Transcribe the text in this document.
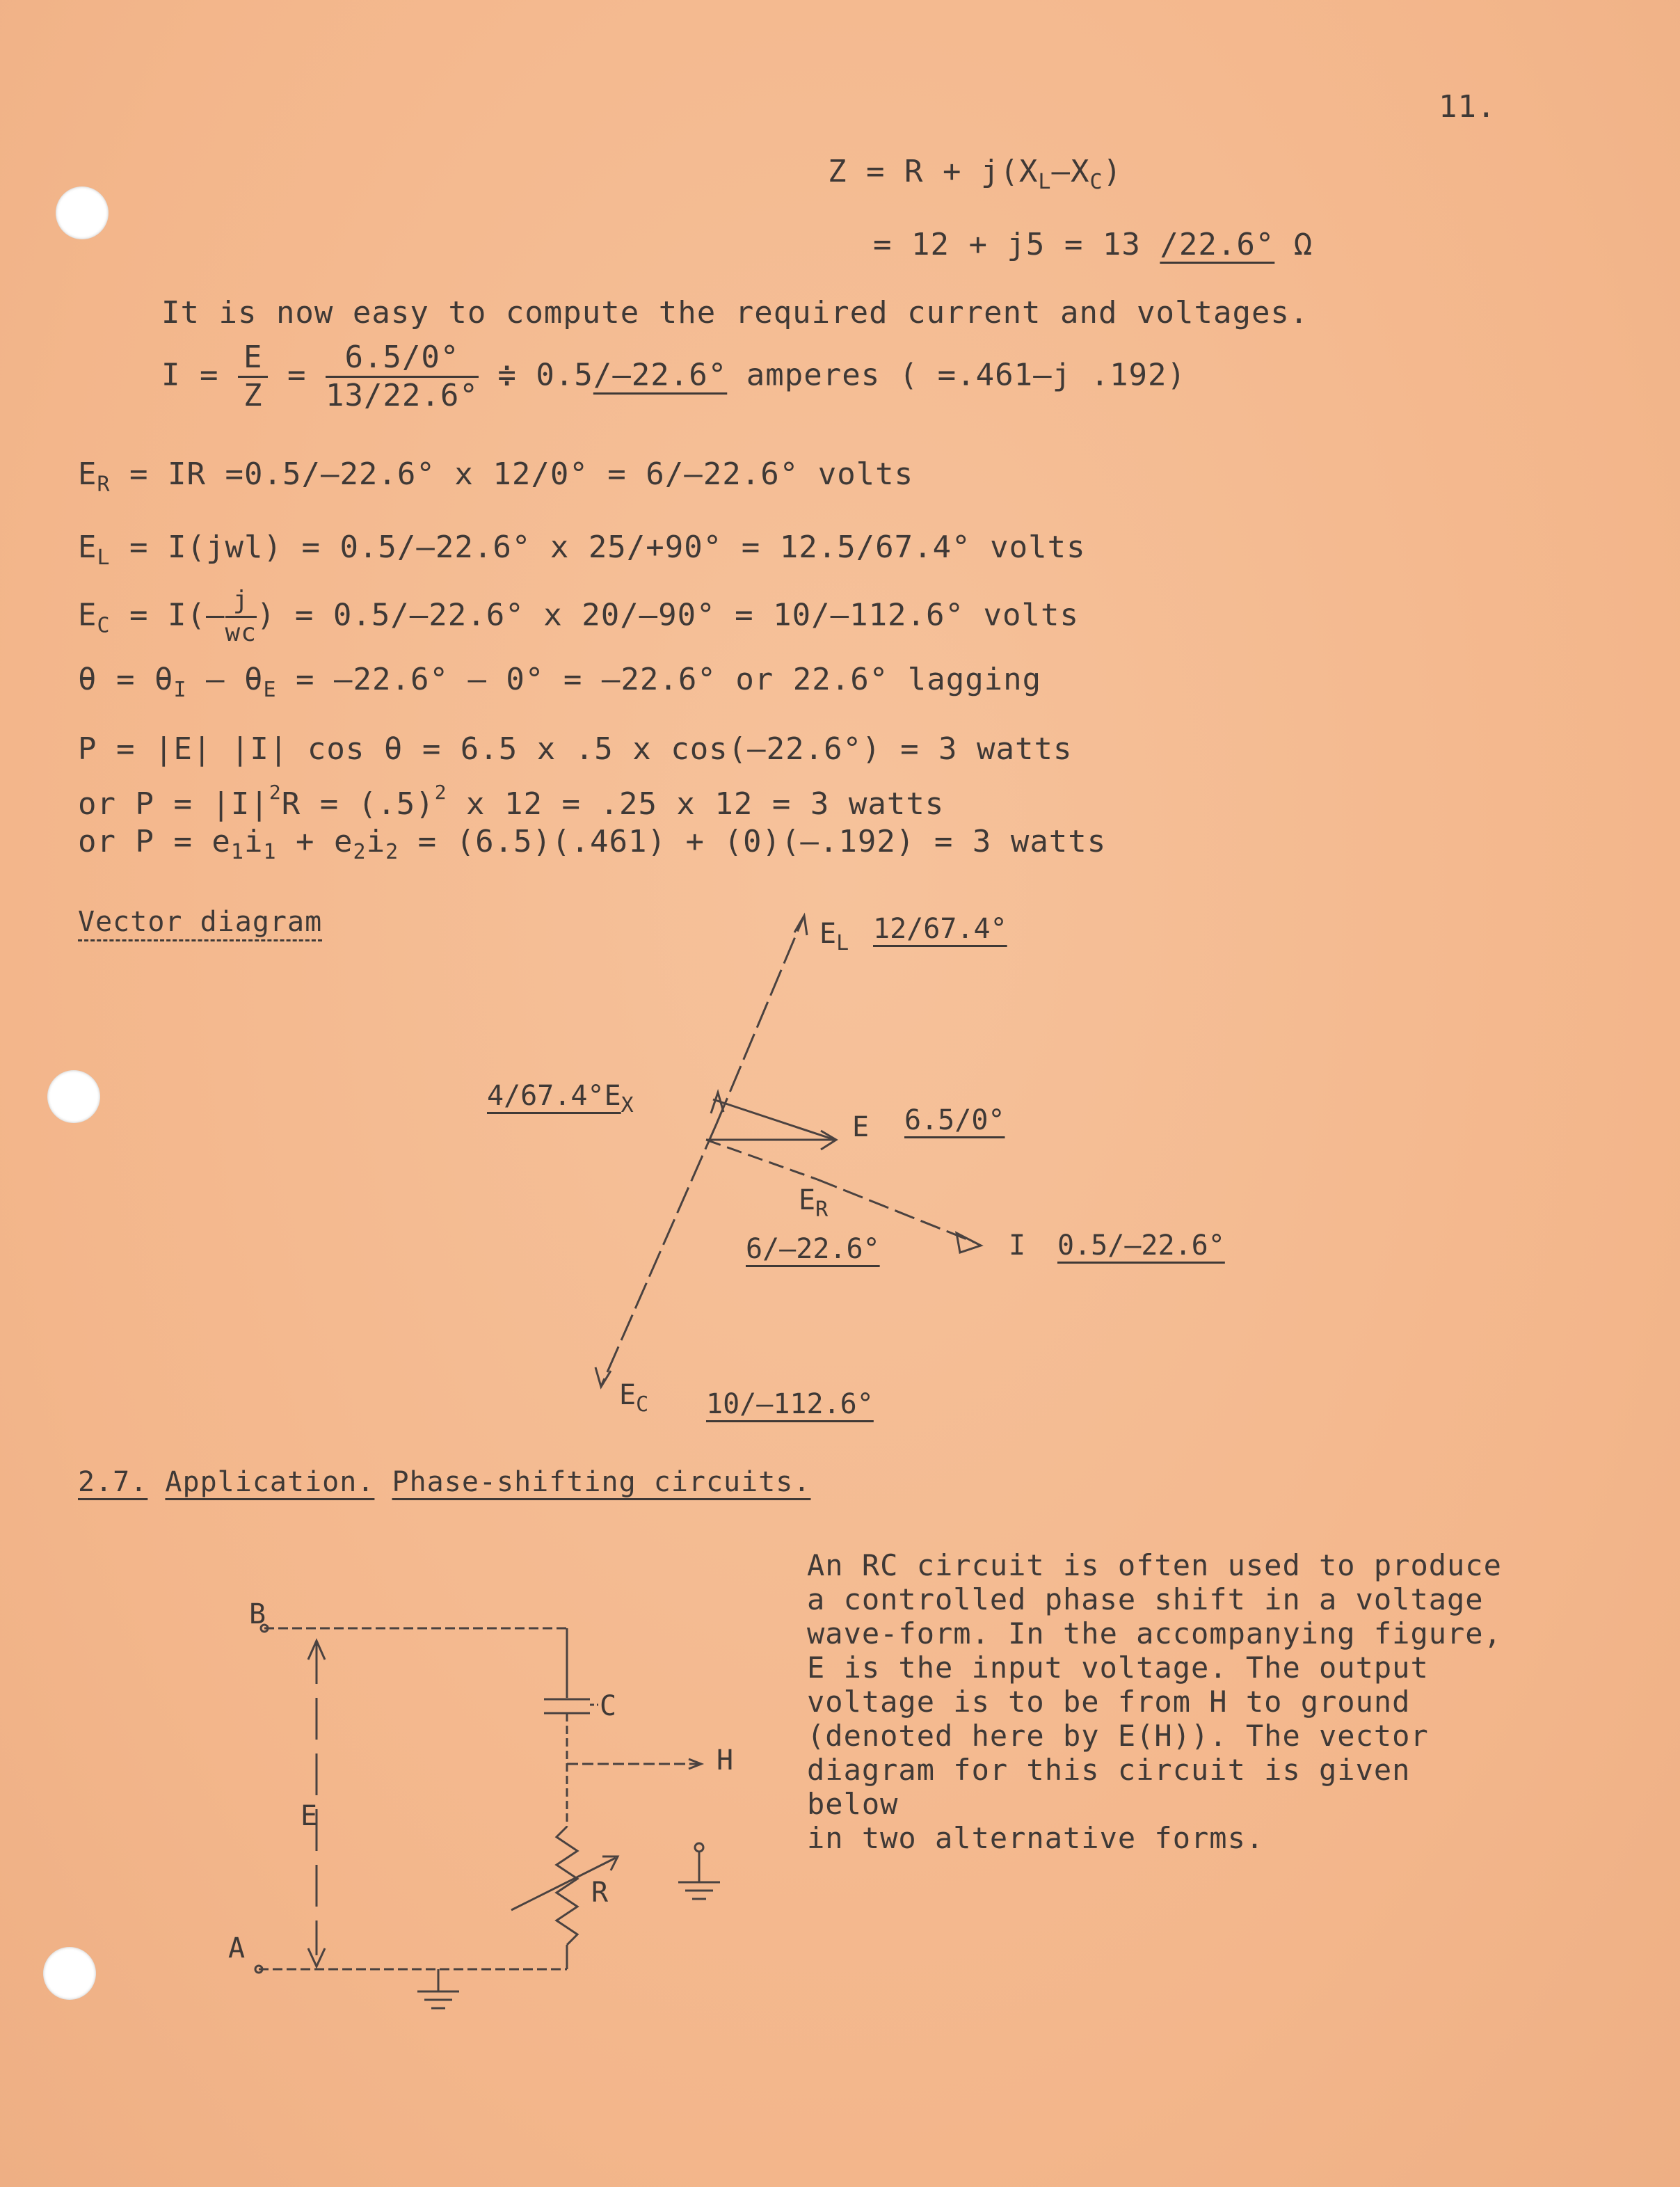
11.
$Z = R + j(X_L—X_C)$
= 12 + j5 = 13 /22.6° Ω
It is now easy to compute the required current and voltages.
$I = \frac{E}{Z} = \frac{6.5/0^\circ}{13/22.6^\circ}$ ≑ 0.5/—22.6° amperes ( =.461—j .192)
$E_R$ = IR =0.5/—22.6° x 12/0° = 6/—22.6° volts
$E_L = I(jwl)$ = 0.5/—22.6° x 25/+90° = 12.5/67.4° volts
$E_C$ = I(— $\frac{j}{wc}$ ) = 0.5/—22.6° x 20/—90° = 10/—112.6° volts
$\theta = \theta_I$ — $\theta_E$ = —22.6° — 0° = —22.6° or 22.6° lagging
P = |E| |I| cos θ = 6.5 x .5 x cos(—22.6°) = 3 watts
or $P = |I|^2R = (.5)^2$ x 12 = .25 x 12 = 3 watts
or $P = e_1i_1 + e_2i_2 = (6.5)(.461)$ + (0)(—.192) = 3 watts
Vector diagram	$E_L$ 12/67.4°
$4/67.4^\circ E_X$
E 6.5/0°
$E_R$
6/—22.6°	I 0.5/—22.6°
$E_C$ 10/—112.6°
2.7. Application. Phase-shifting circuits.
An RC circuit is often used to produce
a controlled phase shift in a voltage
wave-form. In the accompanying figure,
E is the input voltage. The output
voltage is to be from H to ground
(denoted here by E(H)). The vector
diagram for this circuit is given below
in two alternative forms.
B
A
C
H
E
R
